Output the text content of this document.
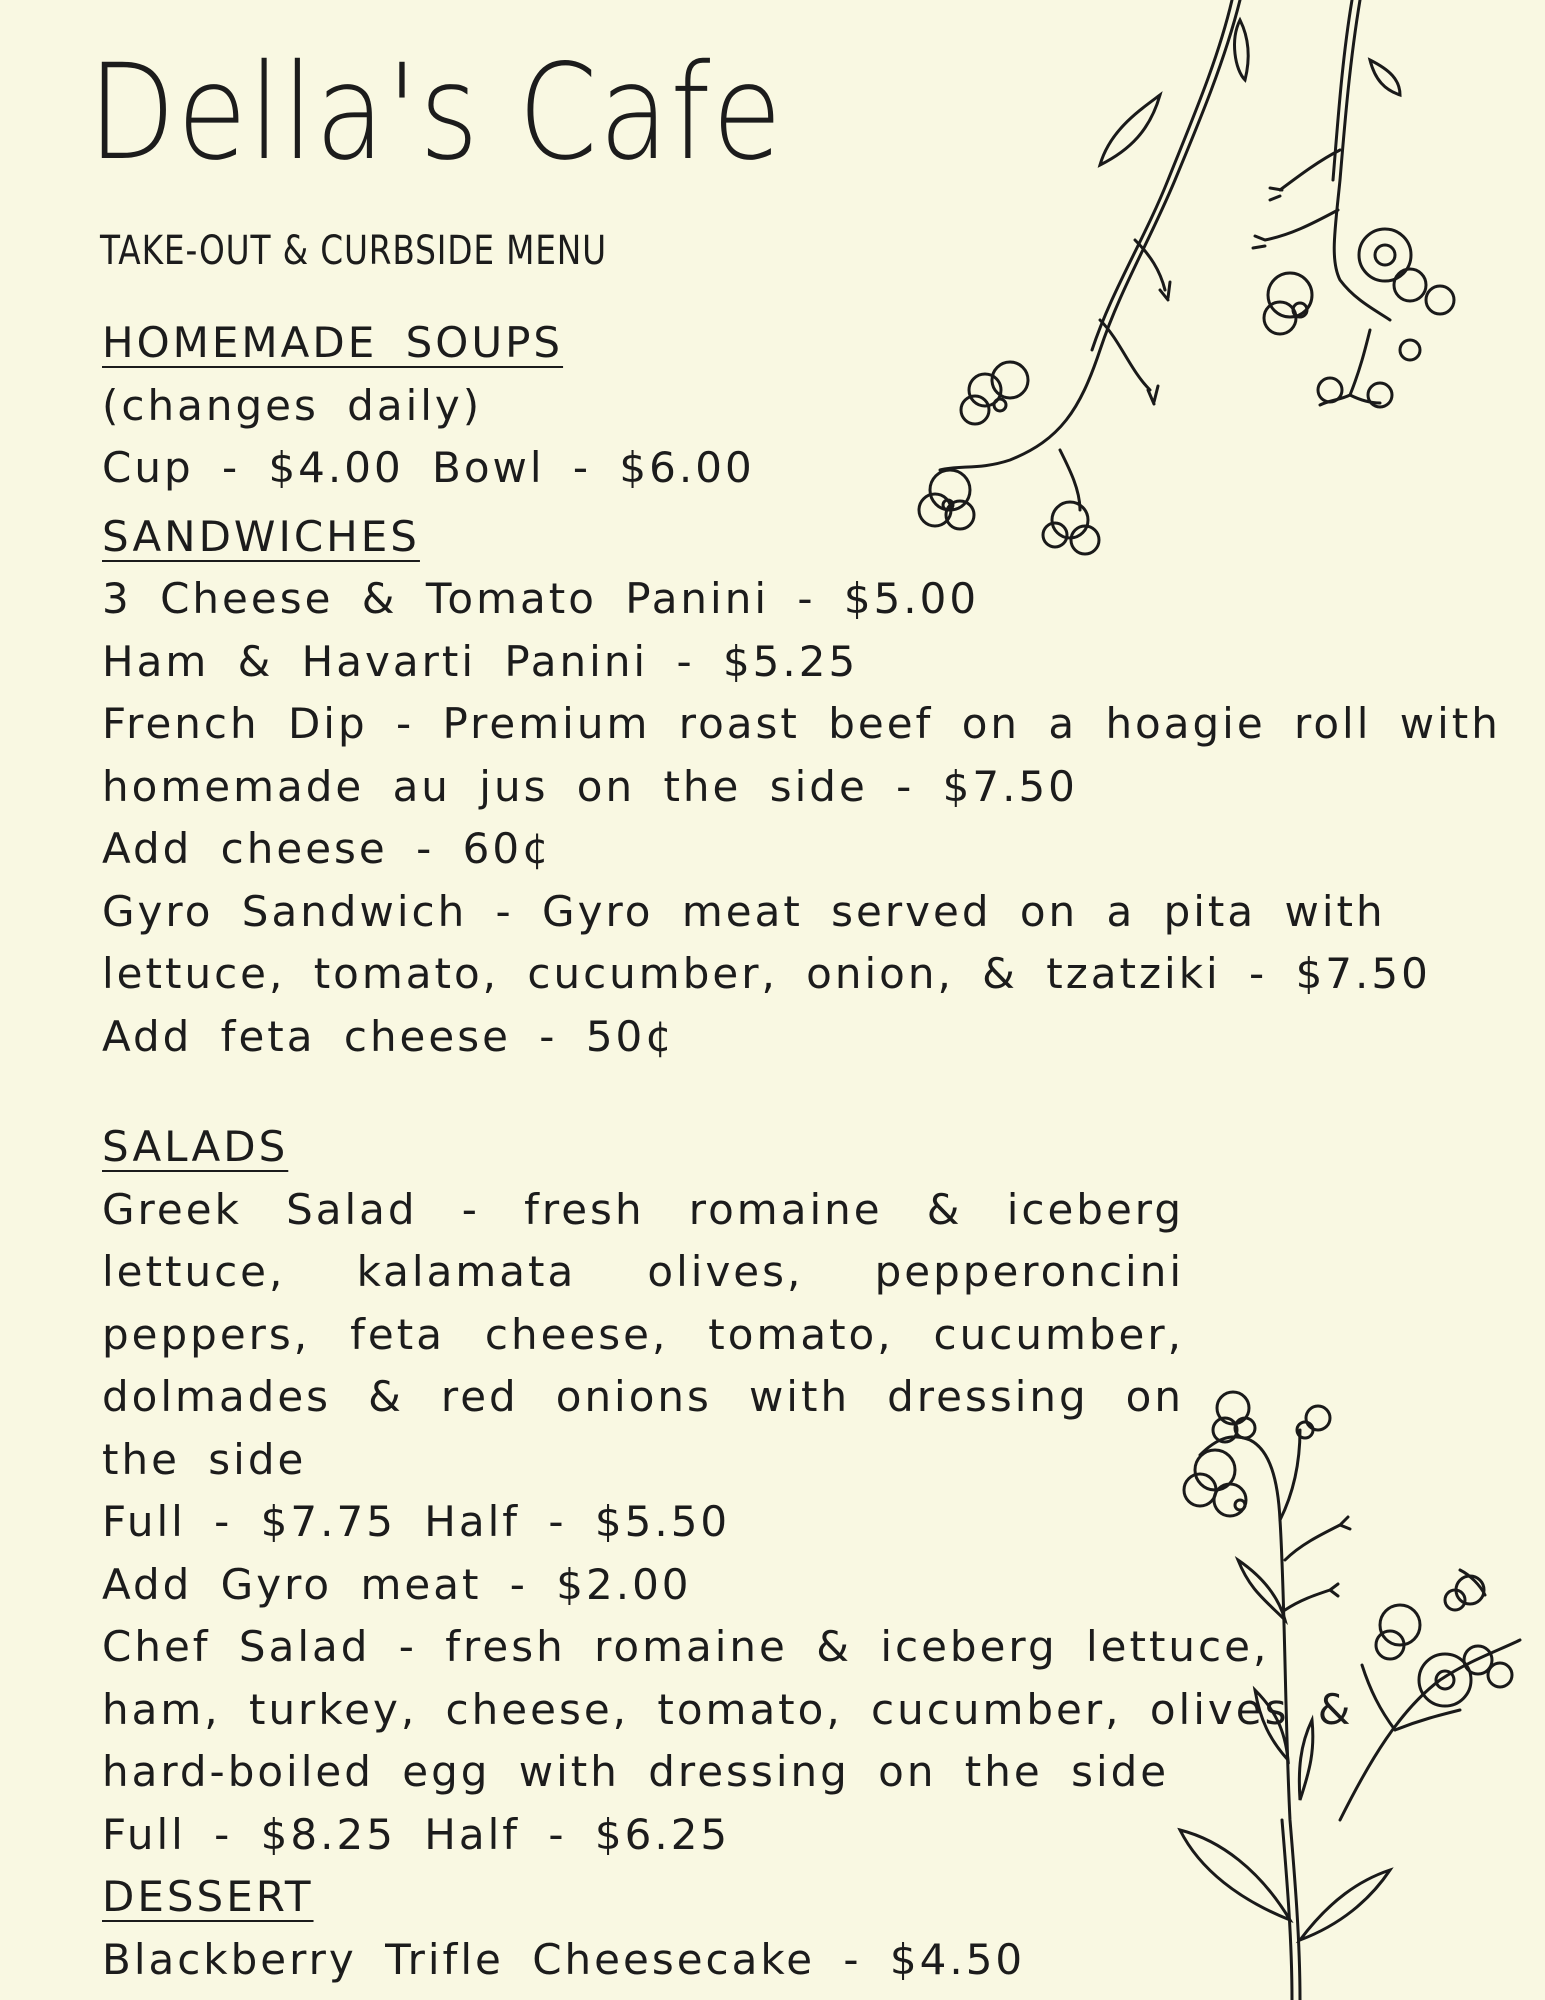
Della's Cafe
TAKE-OUT & CURBSIDE MENU
HOMEMADE SOUPS
(changes daily)
Cup - $4.00 Bowl - $6.00
SANDWICHES
3 Cheese & Tomato Panini - $5.00
Ham & Havarti Panini - $5.25
French Dip - Premium roast beef on a hoagie roll with
homemade au jus on the side - $7.50
Add cheese - 60¢
Gyro Sandwich - Gyro meat served on a pita with
lettuce, tomato, cucumber, onion, & tzatziki - $7.50
Add feta cheese - 50¢
SALADS
Greek Salad - fresh romaine & iceberg lettuce, kalamata olives, pepperoncini peppers, feta cheese, tomato, cucumber, dolmades & red onions with dressing on the side
Full - $7.75 Half - $5.50
Add Gyro meat - $2.00
Chef Salad - fresh romaine & iceberg lettuce,
ham, turkey, cheese, tomato, cucumber, olives &
hard-boiled egg with dressing on the side
Full - $8.25 Half - $6.25
DESSERT
Blackberry Trifle Cheesecake - $4.50
